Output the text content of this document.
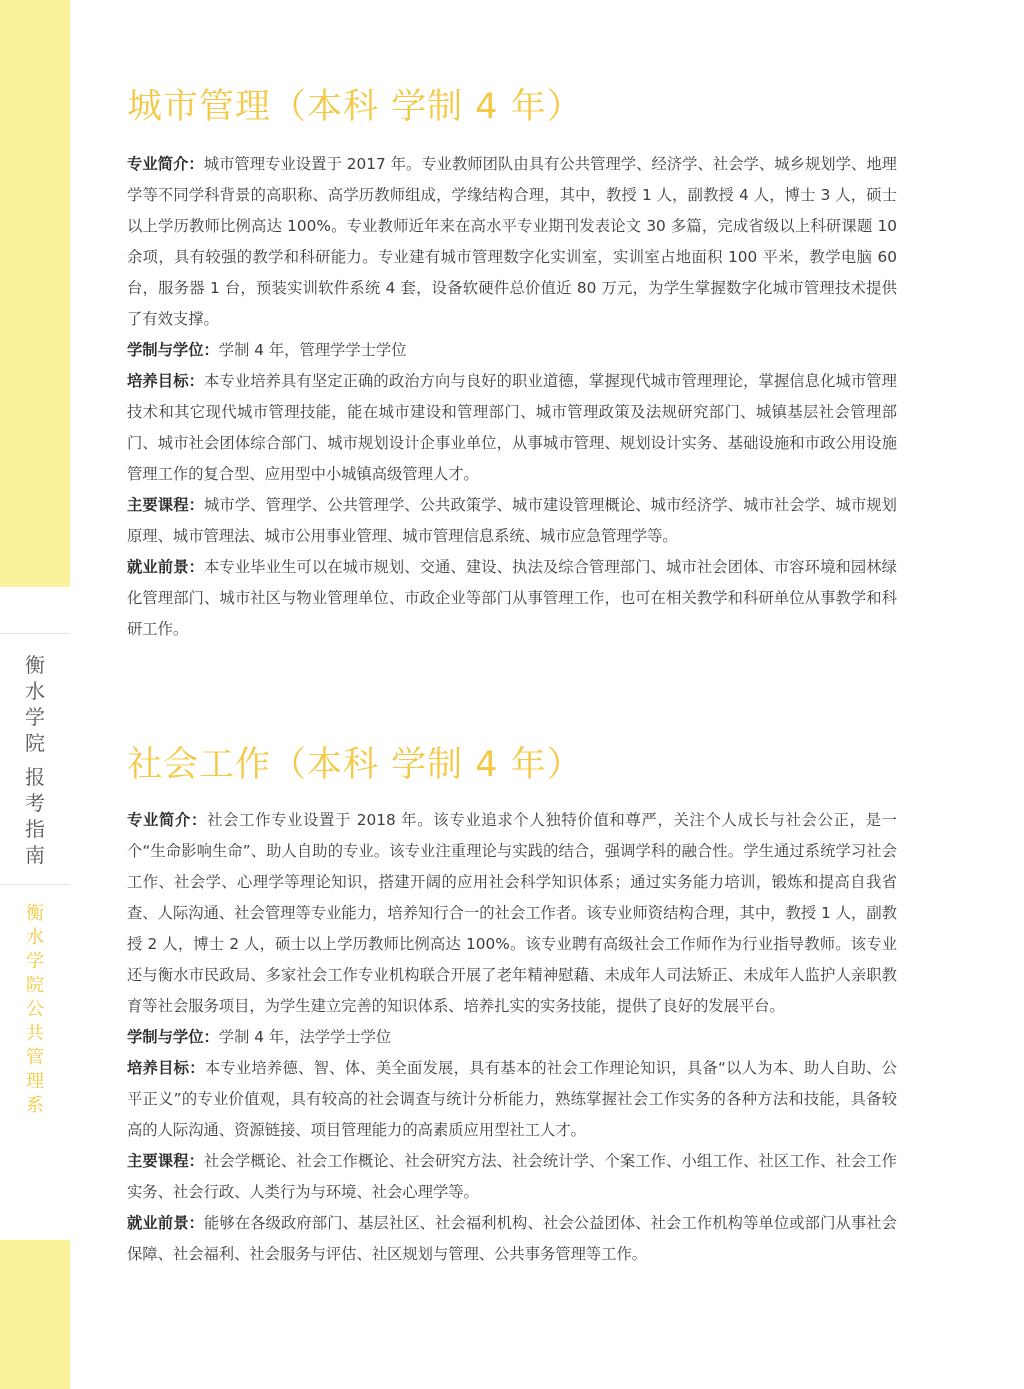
衡
水
学
院
报
考
指
南
衡
水
学
院
公
共
管
理
系
城市管理（本科 学制 4 年）

专业简介：城市管理专业设置于 2017 年。专业教师团队由具有公共管理学、经济学、社会学、城乡规划学、地理学等不同学科背景的高职称、高学历教师组成，学缘结构合理，其中，教授 1 人，副教授 4 人，博士 3 人，硕士以上学历教师比例高达 100%。专业教师近年来在高水平专业期刊发表论文 30 多篇，完成省级以上科研课题 10 余项，具有较强的教学和科研能力。专业建有城市管理数字化实训室，实训室占地面积 100 平米，教学电脑 60 台，服务器 1 台，预装实训软件系统 4 套，设备软硬件总价值近 80 万元，为学生掌握数字化城市管理技术提供了有效支撑。

学制与学位：学制 4 年，管理学学士学位

培养目标：本专业培养具有坚定正确的政治方向与良好的职业道德，掌握现代城市管理理论，掌握信息化城市管理技术和其它现代城市管理技能，能在城市建设和管理部门、城市管理政策及法规研究部门、城镇基层社会管理部门、城市社会团体综合部门、城市规划设计企事业单位，从事城市管理、规划设计实务、基础设施和市政公用设施管理工作的复合型、应用型中小城镇高级管理人才。

主要课程：城市学、管理学、公共管理学、公共政策学、城市建设管理概论、城市经济学、城市社会学、城市规划原理、城市管理法、城市公用事业管理、城市管理信息系统、城市应急管理学等。

就业前景：本专业毕业生可以在城市规划、交通、建设、执法及综合管理部门、城市社会团体、市容环境和园林绿化管理部门、城市社区与物业管理单位、市政企业等部门从事管理工作，也可在相关教学和科研单位从事教学和科研工作。

社会工作（本科 学制 4 年）

专业简介：社会工作专业设置于 2018 年。该专业追求个人独特价值和尊严，关注个人成长与社会公正，是一个“生命影响生命”、助人自助的专业。该专业注重理论与实践的结合，强调学科的融合性。学生通过系统学习社会工作、社会学、心理学等理论知识，搭建开阔的应用社会科学知识体系；通过实务能力培训，锻炼和提高自我省查、人际沟通、社会管理等专业能力，培养知行合一的社会工作者。该专业师资结构合理，其中，教授 1 人，副教授 2 人，博士 2 人，硕士以上学历教师比例高达 100%。该专业聘有高级社会工作师作为行业指导教师。该专业还与衡水市民政局、多家社会工作专业机构联合开展了老年精神慰藉、未成年人司法矫正、未成年人监护人亲职教育等社会服务项目，为学生建立完善的知识体系、培养扎实的实务技能，提供了良好的发展平台。

学制与学位：学制 4 年，法学学士学位

培养目标：本专业培养德、智、体、美全面发展，具有基本的社会工作理论知识，具备“以人为本、助人自助、公平正义”的专业价值观，具有较高的社会调查与统计分析能力，熟练掌握社会工作实务的各种方法和技能，具备较高的人际沟通、资源链接、项目管理能力的高素质应用型社工人才。

主要课程：社会学概论、社会工作概论、社会研究方法、社会统计学、个案工作、小组工作、社区工作、社会工作实务、社会行政、人类行为与环境、社会心理学等。

就业前景：能够在各级政府部门、基层社区、社会福利机构、社会公益团体、社会工作机构等单位或部门从事社会保障、社会福利、社会服务与评估、社区规划与管理、公共事务管理等工作。
